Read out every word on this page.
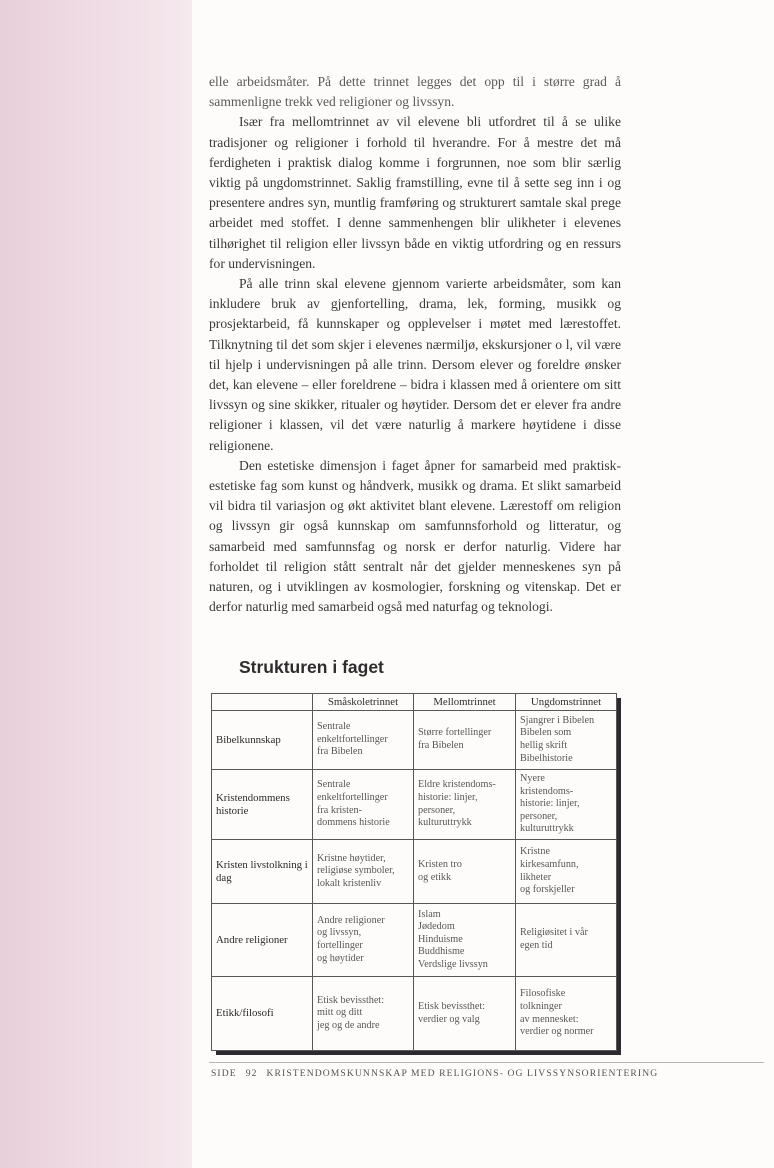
elle arbeidsmåter. På dette trinnet legges det opp til i større grad å sammenligne trekk ved religioner og livssyn.

Især fra mellomtrinnet av vil elevene bli utfordret til å se ulike tradisjoner og religioner i forhold til hverandre. For å mestre det må ferdigheten i praktisk dialog komme i forgrunnen, noe som blir særlig viktig på ungdomstrinnet. Saklig framstilling, evne til å sette seg inn i og presentere andres syn, muntlig framføring og strukturert samtale skal prege arbeidet med stoffet. I denne sammenhengen blir ulikheter i elevenes tilhørighet til religion eller livssyn både en viktig utfordring og en ressurs for undervisningen.

På alle trinn skal elevene gjennom varierte arbeidsmåter, som kan inkludere bruk av gjenfortelling, drama, lek, forming, musikk og prosjektarbeid, få kunnskaper og opplevelser i møtet med lærestoffet. Tilknytning til det som skjer i elevenes nærmiljø, ekskursjoner o l, vil være til hjelp i undervisningen på alle trinn. Dersom elever og foreldre ønsker det, kan elevene – eller foreldrene – bidra i klassen med å orientere om sitt livssyn og sine skikker, ritualer og høytider. Dersom det er elever fra andre religioner i klassen, vil det være naturlig å markere høytidene i disse religionene.

Den estetiske dimensjon i faget åpner for samarbeid med praktisk-estetiske fag som kunst og håndverk, musikk og drama. Et slikt samarbeid vil bidra til variasjon og økt aktivitet blant elevene. Lærestoff om religion og livssyn gir også kunnskap om samfunnsforhold og litteratur, og samarbeid med samfunnsfag og norsk er derfor naturlig. Videre har forholdet til religion stått sentralt når det gjelder menneskenes syn på naturen, og i utviklingen av kosmologier, forskning og vitenskap. Det er derfor naturlig med samarbeid også med naturfag og teknologi.

Strukturen i faget
	Småskoletrinnet	Mellomtrinnet	Ungdomstrinnet
Bibelkunnskap	Sentrale
enkeltfortellinger
fra Bibelen	Større fortellinger
fra Bibelen	Sjangrer i Bibelen
Bibelen som
hellig skrift
Bibelhistorie

Kristendommens historie	Sentrale
enkeltfortellinger
fra kristen-
dommens historie	Eldre kristendoms-
historie: linjer,
personer,
kulturuttrykk	Nyere
kristendoms-
historie: linjer,
personer,
kulturuttrykk

Kristen livstolkning i dag	Kristne høytider,
religiøse symboler,
lokalt kristenliv	Kristen tro
og etikk	Kristne
kirkesamfunn,
likheter
og forskjeller

Andre religioner	Andre religioner
og livssyn,
fortellinger
og høytider	Islam
Jødedom
Hinduisme
Buddhisme
Verdslige livssyn	Religiøsitet i vår
egen tid

Etikk/filosofi	Etisk bevissthet:
mitt og ditt
jeg og de andre	Etisk bevissthet:
verdier og valg	Filosofiske
tolkninger
av mennesket:
verdier og normer
SIDE 92 KRISTENDOMSKUNNSKAP MED RELIGIONS- OG LIVSSYNSORIENTERING
